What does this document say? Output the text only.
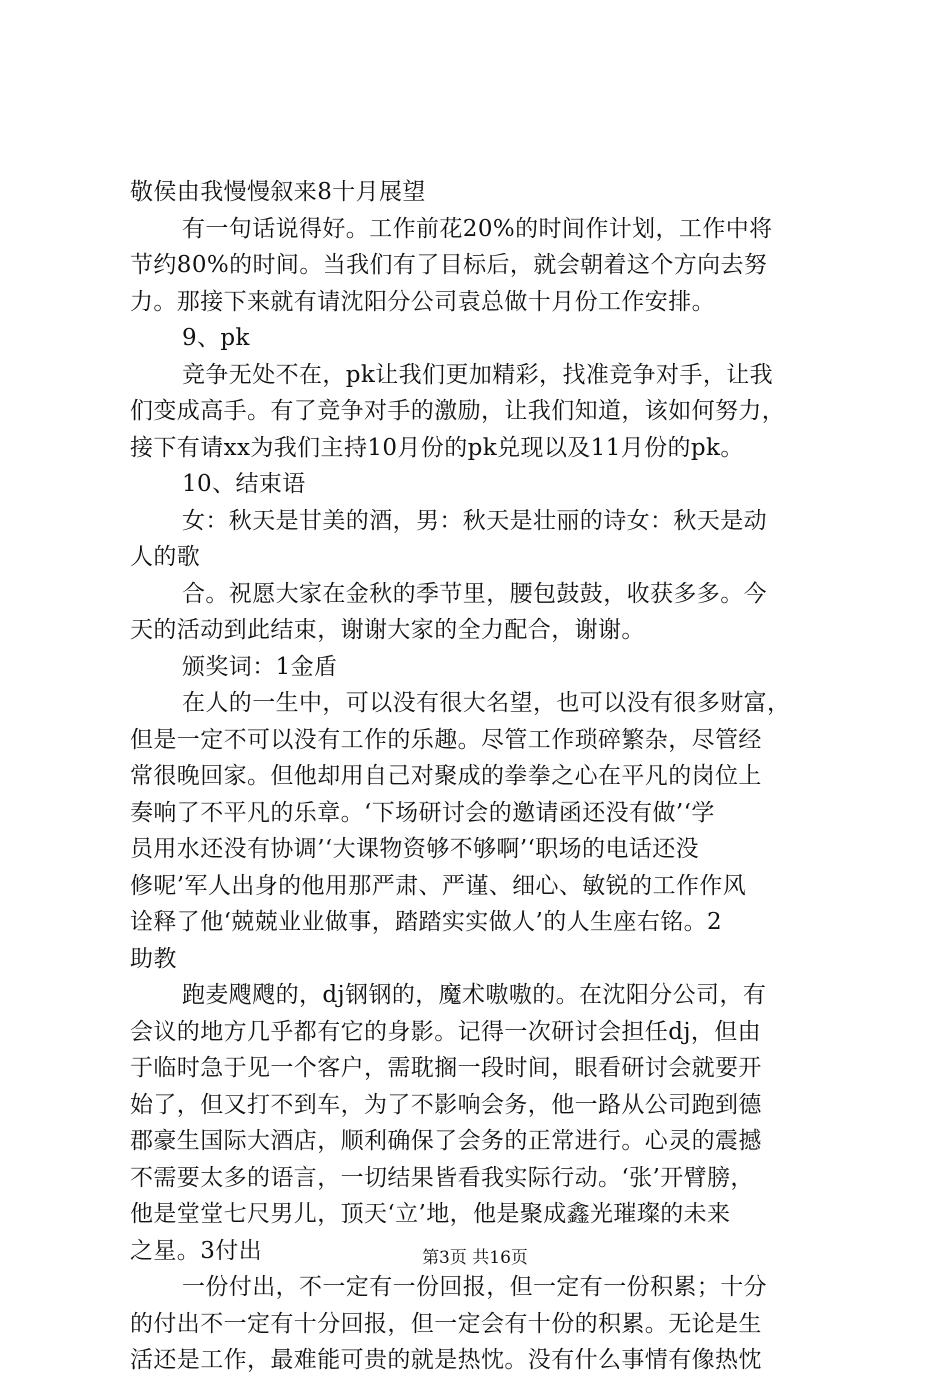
敬侯由我慢慢叙来8十月展望
有一句话说得好。工作前花20%的时间作计划，工作中将
节约80%的时间。当我们有了目标后，就会朝着这个方向去努
力。那接下来就有请沈阳分公司袁总做十月份工作安排。
9、pk
竞争无处不在，pk让我们更加精彩，找准竞争对手，让我
们变成高手。有了竞争对手的激励，让我们知道，该如何努力，
接下有请xx为我们主持10月份的pk兑现以及11月份的pk。
10、结束语
女：秋天是甘美的酒，男：秋天是壮丽的诗女：秋天是动
人的歌
合。祝愿大家在金秋的季节里，腰包鼓鼓，收获多多。今
天的活动到此结束，谢谢大家的全力配合，谢谢。
颁奖词：1金盾
在人的一生中，可以没有很大名望，也可以没有很多财富，
但是一定不可以没有工作的乐趣。尽管工作琐碎繁杂，尽管经
常很晚回家。但他却用自己对聚成的拳拳之心在平凡的岗位上
奏响了不平凡的乐章。‘下场研讨会的邀请函还没有做’‘学
员用水还没有协调’‘大课物资够不够啊’‘职场的电话还没
修呢’军人出身的他用那严肃、严谨、细心、敏锐的工作作风
诠释了他‘兢兢业业做事，踏踏实实做人’的人生座右铭。2
助教
跑麦飕飕的，dj钢钢的，魔术嗷嗷的。在沈阳分公司，有
会议的地方几乎都有它的身影。记得一次研讨会担任dj，但由
于临时急于见一个客户，需耽搁一段时间，眼看研讨会就要开
始了，但又打不到车，为了不影响会务，他一路从公司跑到德
郡豪生国际大酒店，顺利确保了会务的正常进行。心灵的震撼
不需要太多的语言，一切结果皆看我实际行动。‘张’开臂膀，
他是堂堂七尺男儿，顶天‘立’地，他是聚成鑫光璀璨的未来
之星。3付出
一份付出，不一定有一份回报，但一定有一份积累；十分
的付出不一定有十分回报，但一定会有十份的积累。无论是生
活还是工作，最难能可贵的就是热忱。没有什么事情有像热忱
第3页 共16页
